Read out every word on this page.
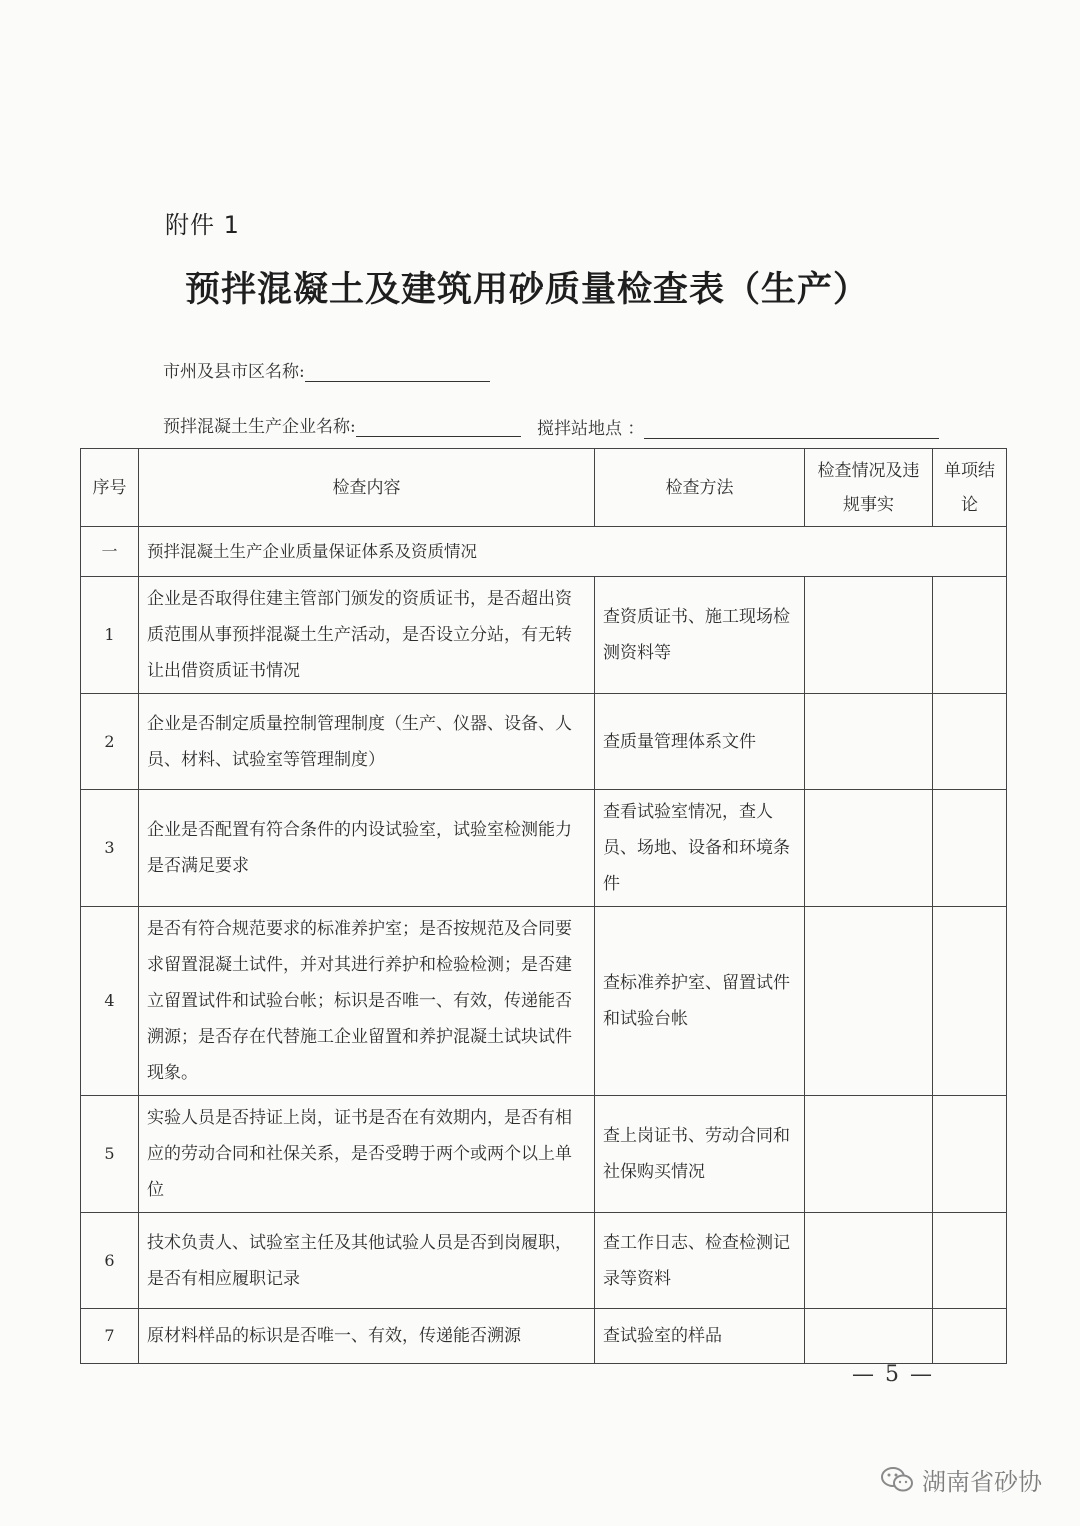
附件 1
预拌混凝土及建筑用砂质量检查表（生产）
市州及县市区名称:
预拌混凝土生产企业名称:	搅拌站地点 ：
序号	检查内容	检查方法	检查情况及违规事实	单项结论
一	预拌混凝土生产企业质量保证体系及资质情况			
1	企业是否取得住建主管部门颁发的资质证书，是否超出资质范围从事预拌混凝土生产活动，是否设立分站，有无转让出借资质证书情况	查资质证书、施工现场检测资料等		
2	企业是否制定质量控制管理制度（生产、仪器、设备、人员、材料、试验室等管理制度）	查质量管理体系文件		
3	企业是否配置有符合条件的内设试验室，试验室检测能力是否满足要求	查看试验室情况，查人员、场地、设备和环境条件		
4	是否有符合规范要求的标准养护室；是否按规范及合同要求留置混凝土试件，并对其进行养护和检验检测；是否建立留置试件和试验台帐；标识是否唯一、有效，传递能否溯源；是否存在代替施工企业留置和养护混凝土试块试件现象。	查标准养护室、留置试件和试验台帐		
5	实验人员是否持证上岗，证书是否在有效期内，是否有相应的劳动合同和社保关系，是否受聘于两个或两个以上单位	查上岗证书、劳动合同和社保购买情况		
6	技术负责人、试验室主任及其他试验人员是否到岗履职，是否有相应履职记录	查工作日志、检查检测记录等资料		
7	原材料样品的标识是否唯一、有效，传递能否溯源	查试验室的样品		
— 5 —
湖南省砂协
